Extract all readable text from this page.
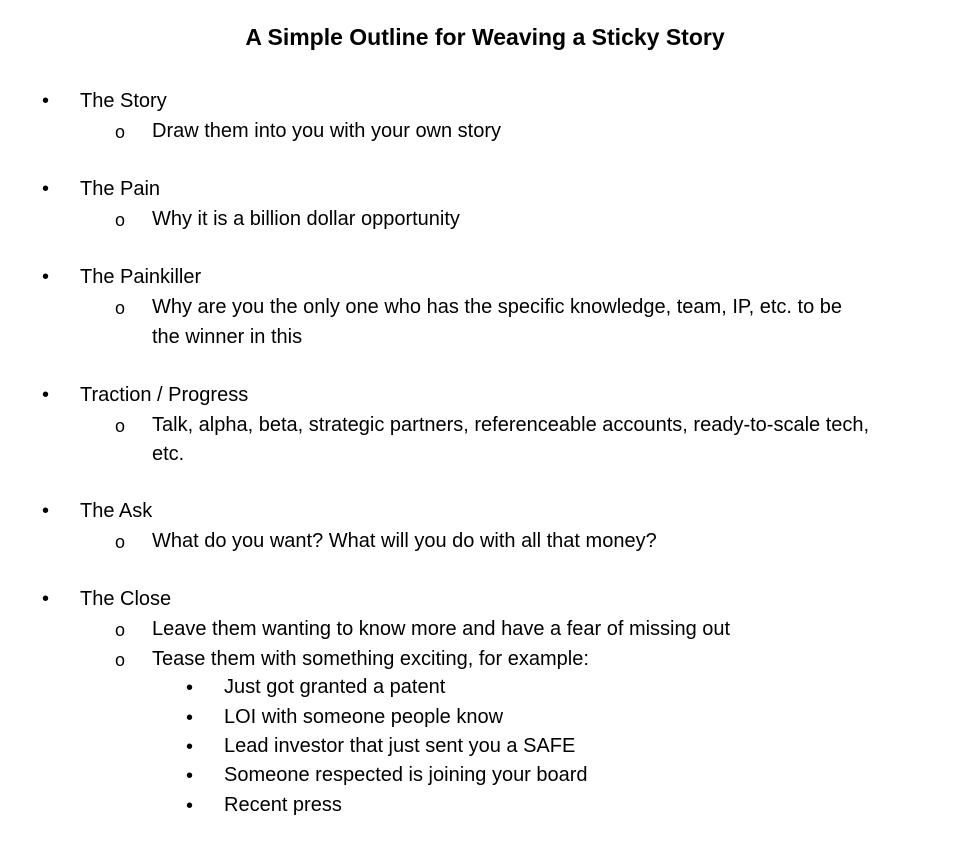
A Simple Outline for Weaving a Sticky Story
• The Story
o Draw them into you with your own story
• The Pain
o Why it is a billion dollar opportunity
• The Painkiller
o Why are you the only one who has the specific knowledge, team, IP, etc. to be
the winner in this
• Traction / Progress
o Talk, alpha, beta, strategic partners, referenceable accounts, ready-to-scale tech,
etc.
• The Ask
o What do you want? What will you do with all that money?
• The Close
o Leave them wanting to know more and have a fear of missing out
o Tease them with something exciting, for example:
• Just got granted a patent
• LOI with someone people know
• Lead investor that just sent you a SAFE
• Someone respected is joining your board
• Recent press
